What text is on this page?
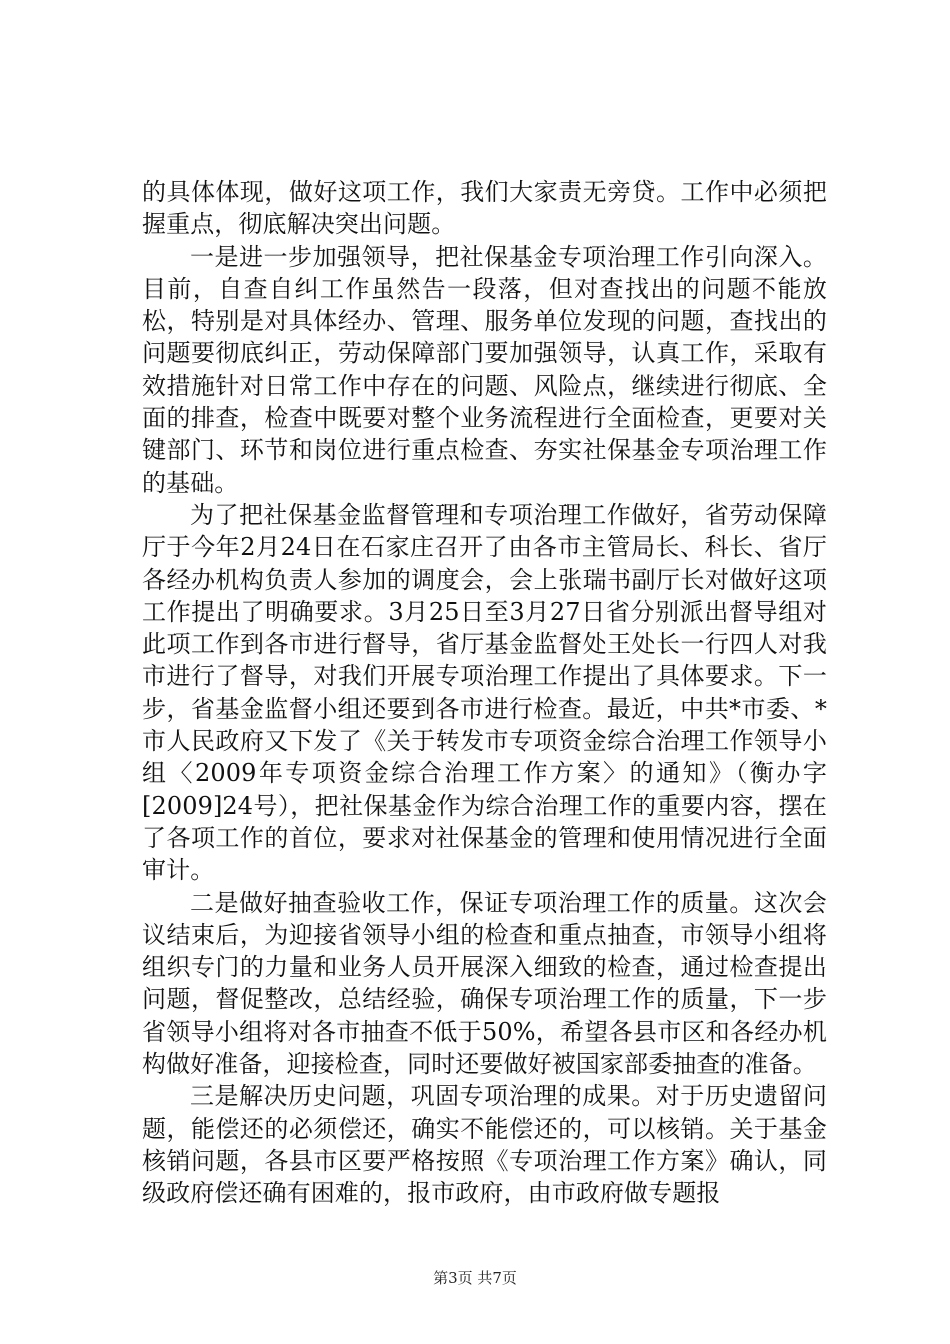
的具体体现，做好这项工作，我们大家责无旁贷。工作中必须把握重点，彻底解决突出问题。

一是进一步加强领导，把社保基金专项治理工作引向深入。目前，自查自纠工作虽然告一段落，但对查找出的问题不能放松，特别是对具体经办、管理、服务单位发现的问题，查找出的问题要彻底纠正，劳动保障部门要加强领导，认真工作，采取有效措施针对日常工作中存在的问题、风险点，继续进行彻底、全面的排查，检查中既要对整个业务流程进行全面检查，更要对关键部门、环节和岗位进行重点检查、夯实社保基金专项治理工作的基础。

为了把社保基金监督管理和专项治理工作做好，省劳动保障厅于今年2月24日在石家庄召开了由各市主管局长、科长、省厅各经办机构负责人参加的调度会，会上张瑞书副厅长对做好这项工作提出了明确要求。3月25日至3月27日省分别派出督导组对此项工作到各市进行督导，省厅基金监督处王处长一行四人对我市进行了督导，对我们开展专项治理工作提出了具体要求。下一步，省基金监督小组还要到各市进行检查。最近，中共*市委、*市人民政府又下发了《关于转发市专项资金综合治理工作领导小组〈2009年专项资金综合治理工作方案〉的通知》（衡办字[2009]24号），把社保基金作为综合治理工作的重要内容，摆在了各项工作的首位，要求对社保基金的管理和使用情况进行全面审计。

二是做好抽查验收工作，保证专项治理工作的质量。这次会议结束后，为迎接省领导小组的检查和重点抽查，市领导小组将组织专门的力量和业务人员开展深入细致的检查，通过检查提出问题，督促整改，总结经验，确保专项治理工作的质量，下一步省领导小组将对各市抽查不低于50%，希望各县市区和各经办机构做好准备，迎接检查，同时还要做好被国家部委抽查的准备。

三是解决历史问题，巩固专项治理的成果。对于历史遗留问题，能偿还的必须偿还，确实不能偿还的，可以核销。关于基金核销问题，各县市区要严格按照《专项治理工作方案》确认，同级政府偿还确有困难的，报市政府，由市政府做专题报

第3页 共7页
